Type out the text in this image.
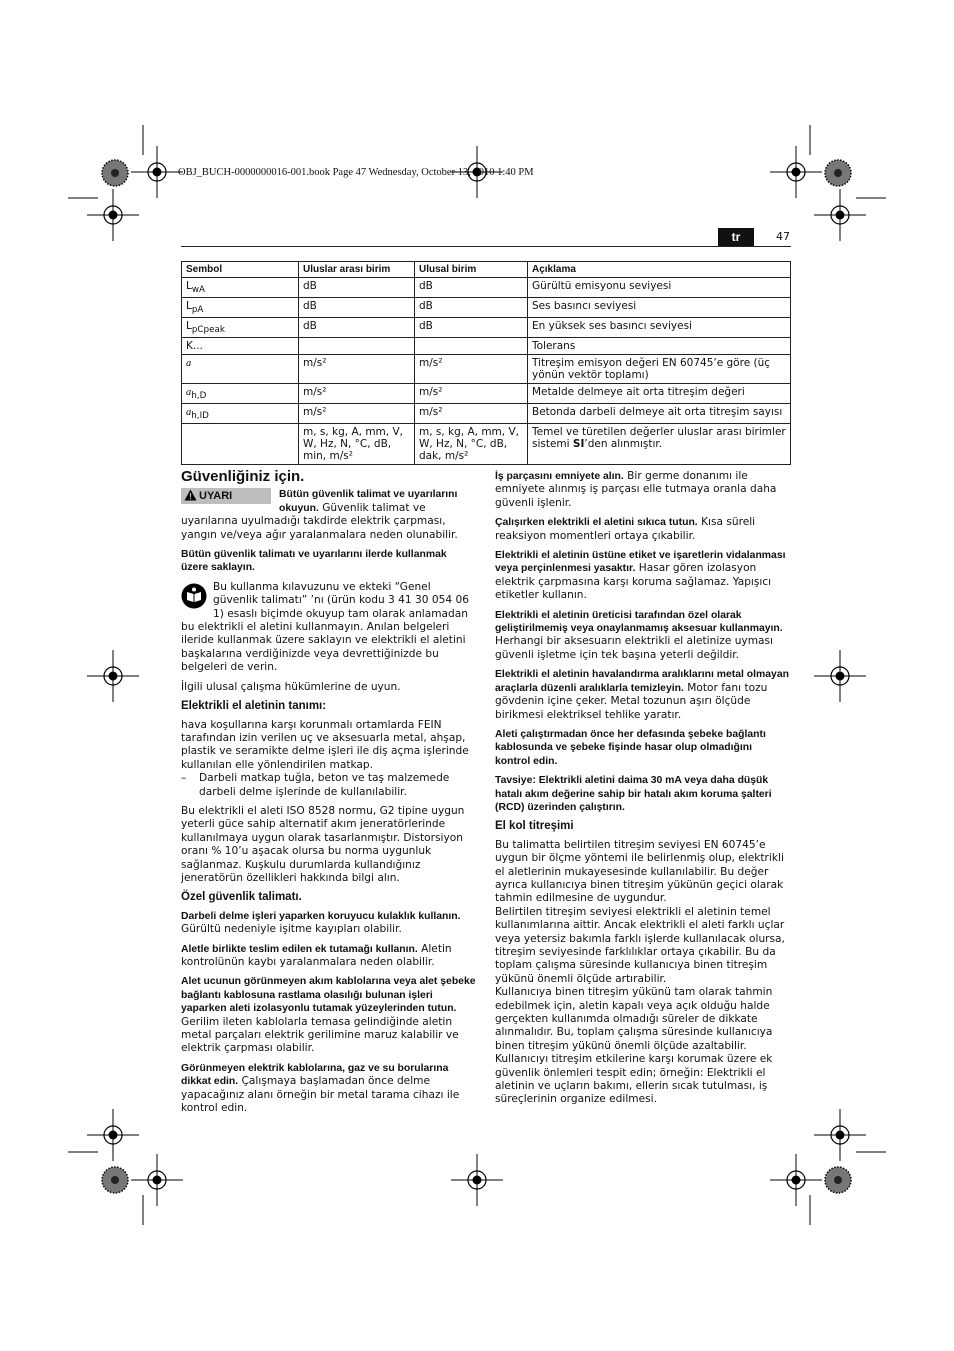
OBJ_BUCH-0000000016-001.book Page 47 Wednesday, October 13, 2010 1:40 PM
tr	47
Sembol	Uluslar arası birim	Ulusal birim	Açıklama
$L_{wA}$	dB	dB	Gürültü emisyonu seviyesi
$L_{pA}$	dB	dB	Ses basıncı seviyesi
$L_{pCpeak}$	dB	dB	En yüksek ses basıncı seviyesi
K...			Tolerans
a	m/s²	m/s²	Titreşim emisyon değeri EN 60745’e göre (üç yönün vektör toplamı)
$a_{h,D}$	m/s²	m/s²	Metalde delmeye ait orta titreşim değeri
$a_{h,ID}$	m/s²	m/s²	Betonda darbeli delmeye ait orta titreşim sayısı
	m, s, kg, A, mm, V, W, Hz, N, °C, dB, min, m/s²	m, s, kg, A, mm, V, W, Hz, N, °C, dB, dak, m/s²	Temel ve türetilen değerler uluslar arası birimler sistemi SI’den alınmıştır.
Güvenliğiniz için.

UYARI	Bütün güvenlik talimat ve uyarılarını okuyun. Güvenlik talimat ve uyarılarına uyulmadığı takdirde elektrik çarpması, yangın ve/veya ağır yaralanmalara neden olunabilir.

Bütün güvenlik talimatı ve uyarılarını ilerde kullanmak üzere saklayın.

Bu kullanma kılavuzunu ve ekteki “Genel güvenlik talimatı” ’nı (ürün kodu 3 41 30 054 06 1) esaslı biçimde okuyup tam olarak anlamadan bu elektrikli el aletini kullanmayın. Anılan belgeleri ileride kullanmak üzere saklayın ve elektrikli el aletini başkalarına verdiğinizde veya devrettiğinizde bu belgeleri de verin.

İlgili ulusal çalışma hükümlerine de uyun.

Elektrikli el aletinin tanımı:

hava koşullarına karşı korunmalı ortamlarda FEIN tarafından izin verilen uç ve aksesuarla metal, ahşap, plastik ve seramikte delme işleri ile diş açma işlerinde kullanılan elle yönlendirilen matkap.

– Darbeli matkap tuğla, beton ve taş malzemede darbeli delme işlerinde de kullanılabilir.

Bu elektrikli el aleti ISO 8528 normu, G2 tipine uygun yeterli güce sahip alternatif akım jeneratörlerinde kullanılmaya uygun olarak tasarlanmıştır. Distorsiyon oranı % 10’u aşacak olursa bu norma uygunluk sağlanmaz. Kuşkulu durumlarda kullandığınız jeneratörün özellikleri hakkında bilgi alın.

Özel güvenlik talimatı.

Darbeli delme işleri yaparken koruyucu kulaklık kullanın. Gürültü nedeniyle işitme kayıpları olabilir.

Aletle birlikte teslim edilen ek tutamağı kullanın. Aletin kontrolünün kaybı yaralanmalara neden olabilir.

Alet ucunun görünmeyen akım kablolarına veya alet şebeke bağlantı kablosuna rastlama olasılığı bulunan işleri yaparken aleti izolasyonlu tutamak yüzeylerinden tutun. Gerilim ileten kablolarla temasa gelindiğinde aletin metal parçaları elektrik gerilimine maruz kalabilir ve elektrik çarpması olabilir.

Görünmeyen elektrik kablolarına, gaz ve su borularına dikkat edin. Çalışmaya başlamadan önce delme yapacağınız alanı örneğin bir metal tarama cihazı ile kontrol edin.

İş parçasını emniyete alın. Bir germe donanımı ile emniyete alınmış iş parçası elle tutmaya oranla daha güvenli işlenir.

Çalışırken elektrikli el aletini sıkıca tutun. Kısa süreli reaksiyon momentleri ortaya çıkabilir.

Elektrikli el aletinin üstüne etiket ve işaretlerin vidalanması veya perçinlenmesi yasaktır. Hasar gören izolasyon elektrik çarpmasına karşı koruma sağlamaz. Yapışıcı etiketler kullanın.

Elektrikli el aletinin üreticisi tarafından özel olarak geliştirilmemiş veya onaylanmamış aksesuar kullanmayın. Herhangi bir aksesuarın elektrikli el aletinize uyması güvenli işletme için tek başına yeterli değildir.

Elektrikli el aletinin havalandırma aralıklarını metal olmayan araçlarla düzenli aralıklarla temizleyin. Motor fanı tozu gövdenin içine çeker. Metal tozunun aşırı ölçüde birikmesi elektriksel tehlike yaratır.

Aleti çalıştırmadan önce her defasında şebeke bağlantı kablosunda ve şebeke fişinde hasar olup olmadığını kontrol edin.

Tavsiye: Elektrikli aletini daima 30 mA veya daha düşük hatalı akım değerine sahip bir hatalı akım koruma şalteri (RCD) üzerinden çalıştırın.

El kol titreşimi

Bu talimatta belirtilen titreşim seviyesi EN 60745’e uygun bir ölçme yöntemi ile belirlenmiş olup, elektrikli el aletlerinin mukayesesinde kullanılabilir. Bu değer ayrıca kullanıcıya binen titreşim yükünün geçici olarak tahmin edilmesine de uygundur.

Belirtilen titreşim seviyesi elektrikli el aletinin temel kullanımlarına aittir. Ancak elektrikli el aleti farklı uçlar veya yetersiz bakımla farklı işlerde kullanılacak olursa, titreşim seviyesinde farklılıklar ortaya çıkabilir. Bu da toplam çalışma süresinde kullanıcıya binen titreşim yükünü önemli ölçüde artırabilir.

Kullanıcıya binen titreşim yükünü tam olarak tahmin edebilmek için, aletin kapalı veya açık olduğu halde gerçekten kullanımda olmadığı süreler de dikkate alınmalıdır. Bu, toplam çalışma süresinde kullanıcıya binen titreşim yükünü önemli ölçüde azaltabilir.

Kullanıcıyı titreşim etkilerine karşı korumak üzere ek güvenlik önlemleri tespit edin; örneğin: Elektrikli el aletinin ve uçların bakımı, ellerin sıcak tutulması, iş süreçlerinin organize edilmesi.
